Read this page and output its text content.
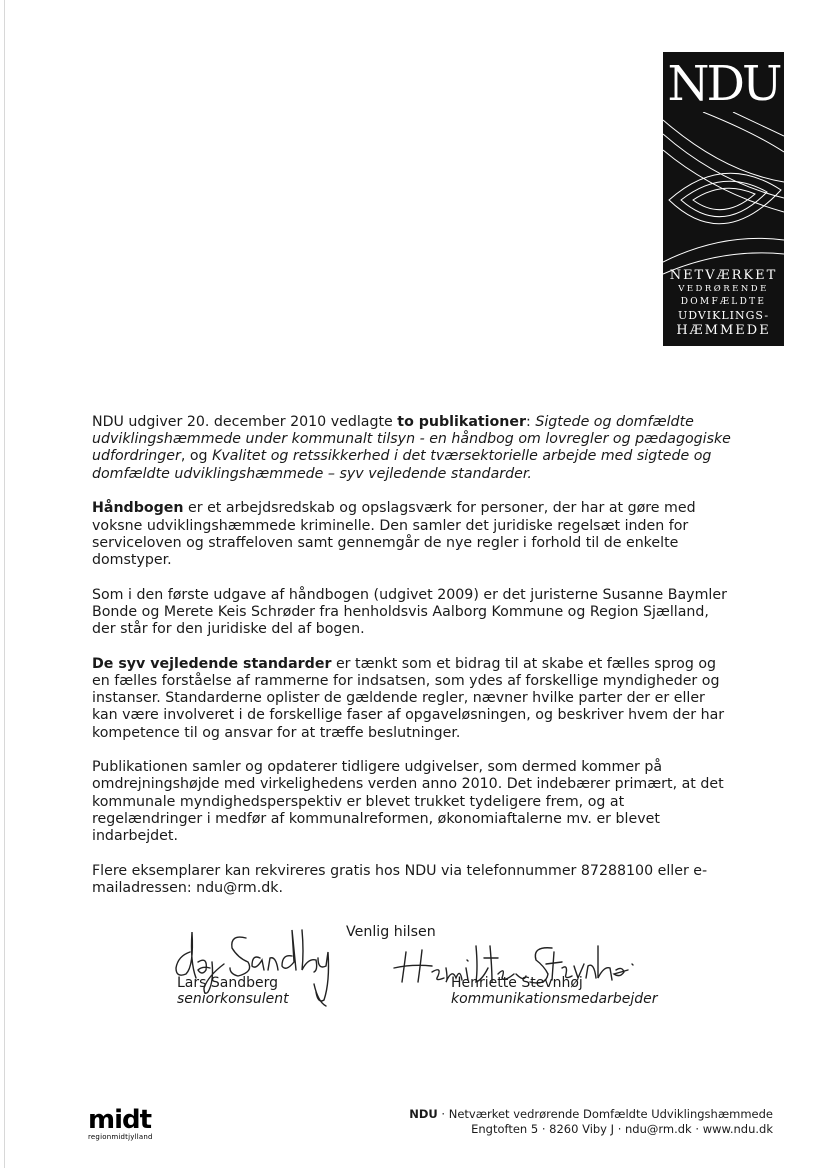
NDU
NETVÆRKET
VEDRØRENDE
DOMFÆLDTE
UDVIKLINGS-
HÆMMEDE

NDU udgiver 20. december 2010 vedlagte to publikationer: Sigtede og domfældte udviklingshæmmede under kommunalt tilsyn - en håndbog om lovregler og pædagogiske udfordringer, og Kvalitet og retssikkerhed i det tværsektorielle arbejde med sigtede og domfældte udviklingshæmmede – syv vejledende standarder.

Håndbogen er et arbejdsredskab og opslagsværk for personer, der har at gøre med voksne udviklingshæmmede kriminelle. Den samler det juridiske regelsæt inden for serviceloven og straffeloven samt gennemgår de nye regler i forhold til de enkelte domstyper.

Som i den første udgave af håndbogen (udgivet 2009) er det juristerne Susanne Baymler Bonde og Merete Keis Schrøder fra henholdsvis Aalborg Kommune og Region Sjælland, der står for den juridiske del af bogen.

De syv vejledende standarder er tænkt som et bidrag til at skabe et fælles sprog og en fælles forståelse af rammerne for indsatsen, som ydes af forskellige myndigheder og instanser. Standarderne oplister de gældende regler, nævner hvilke parter der er eller kan være involveret i de forskellige faser af opgaveløsningen, og beskriver hvem der har kompetence til og ansvar for at træffe beslutninger.

Publikationen samler og opdaterer tidligere udgivelser, som dermed kommer på omdrejningshøjde med virkelighedens verden anno 2010. Det indebærer primært, at det kommunale myndighedsperspektiv er blevet trukket tydeligere frem, og at regelændringer i medfør af kommunalreformen, økonomiaftalerne mv. er blevet indarbejdet.

Flere eksemplarer kan rekvireres gratis hos NDU via telefonnummer 87288100 eller e-mailadressen: ndu@rm.dk.

Venlig hilsen
Lars Sandberg
seniorkonsulent
Henriette Stevnhøj
kommunikationsmedarbejder
midt
regionmidtjylland
NDU · Netværket vedrørende Domfældte Udviklingshæmmede
Engtoften 5 · 8260 Viby J · ndu@rm.dk · www.ndu.dk
